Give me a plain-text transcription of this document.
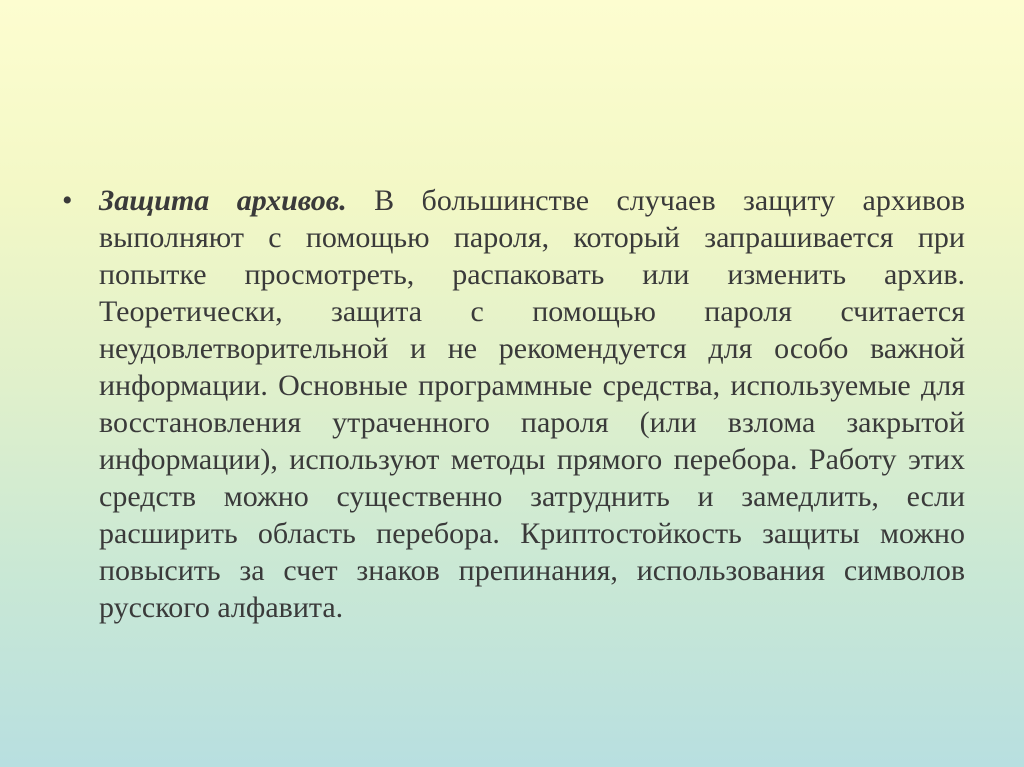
• Защита архивов. В большинстве случаев защиту архивов выполняют с помощью пароля, который запрашивается при попытке просмотреть, распаковать или изменить архив. Теоретически, защита с помощью пароля считается неудовлетворительной и не рекомендуется для особо важной информации. Основные программные средства, используемые для восстановления утраченного пароля (или взлома закрытой информации), используют методы прямого перебора. Работу этих средств можно существенно затруднить и замедлить, если расширить область перебора. Криптостойкость защиты можно повысить за счет знаков препинания, использования символов русского алфавита.
